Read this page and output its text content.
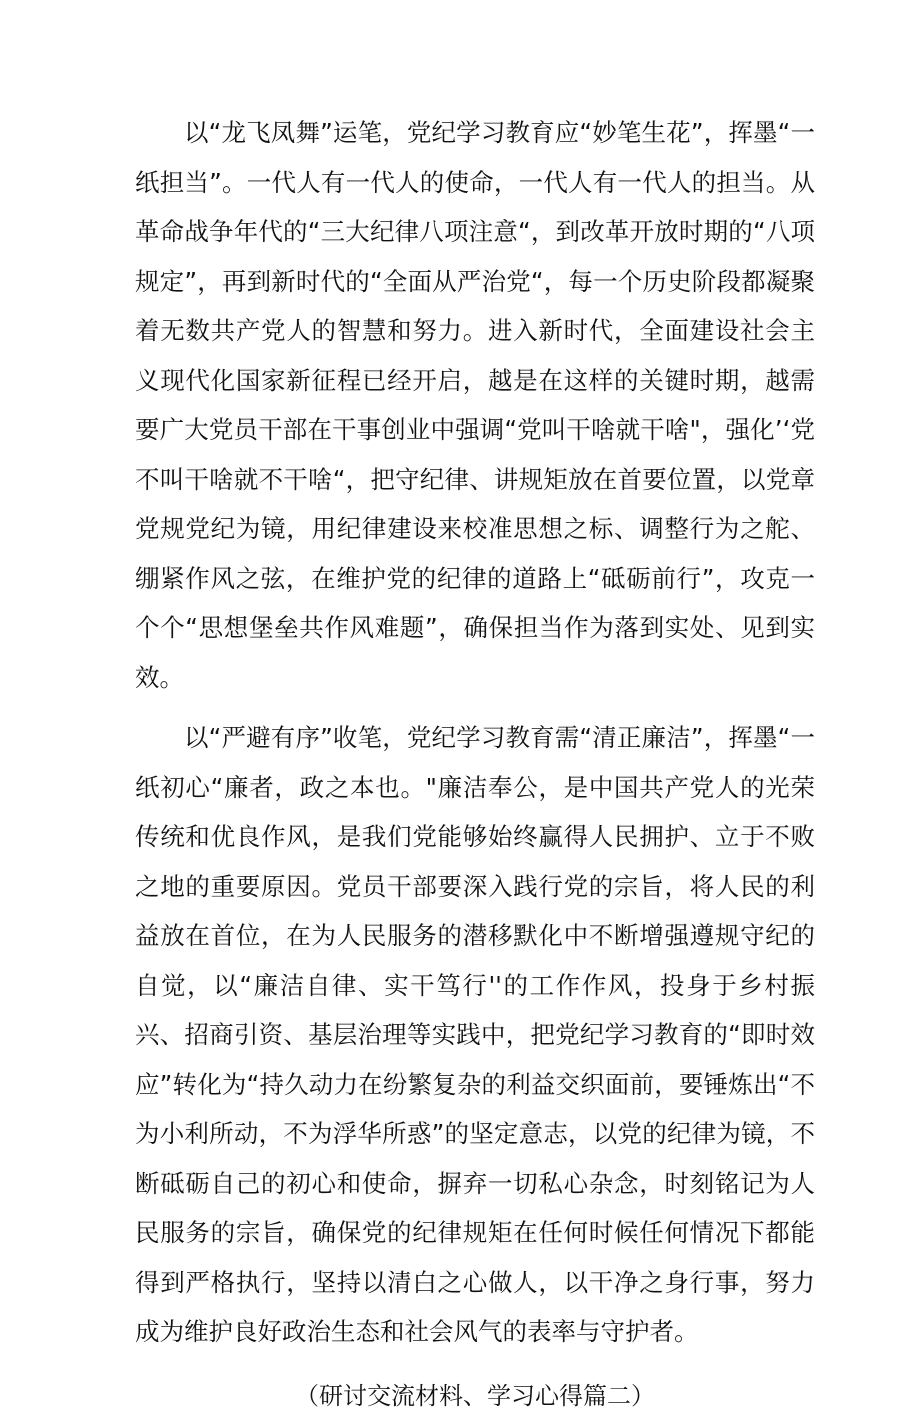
以“龙飞凤舞”运笔，党纪学习教育应“妙笔生花”，挥墨“一纸担当”。一代人有一代人的使命，一代人有一代人的担当。从革命战争年代的“三大纪律八项注意“，到改革开放时期的“八项规定”，再到新时代的“全面从严治党“，每一个历史阶段都凝聚着无数共产党人的智慧和努力。进入新时代，全面建设社会主义现代化国家新征程已经开启，越是在这样的关键时期，越需要广大党员干部在干事创业中强调“党叫干啥就干啥"，强化’‘党不叫干啥就不干啥“，把守纪律、讲规矩放在首要位置，以党章党规党纪为镜，用纪律建设来校准思想之标、调整行为之舵、绷紧作风之弦，在维护党的纪律的道路上“砥砺前行”，攻克一个个“思想堡垒共作风难题”，确保担当作为落到实处、见到实效。

以“严避有序”收笔，党纪学习教育需“清正廉洁”，挥墨“一纸初心“廉者，政之本也。"廉洁奉公，是中国共产党人的光荣传统和优良作风，是我们党能够始终赢得人民拥护、立于不败之地的重要原因。党员干部要深入践行党的宗旨，将人民的利益放在首位，在为人民服务的潜移默化中不断增强遵规守纪的自觉，以“廉洁自律、实干笃行''的工作作风，投身于乡村振兴、招商引资、基层治理等实践中，把党纪学习教育的“即时效应”转化为“持久动力在纷繁复杂的利益交织面前，要锤炼出“不为小利所动，不为浮华所惑”的坚定意志，以党的纪律为镜，不断砥砺自己的初心和使命，摒弃一切私心杂念，时刻铭记为人民服务的宗旨，确保党的纪律规矩在任何时候任何情况下都能得到严格执行，坚持以清白之心做人，以干净之身行事，努力成为维护良好政治生态和社会风气的表率与守护者。

（研讨交流材料、学习心得篇二）
